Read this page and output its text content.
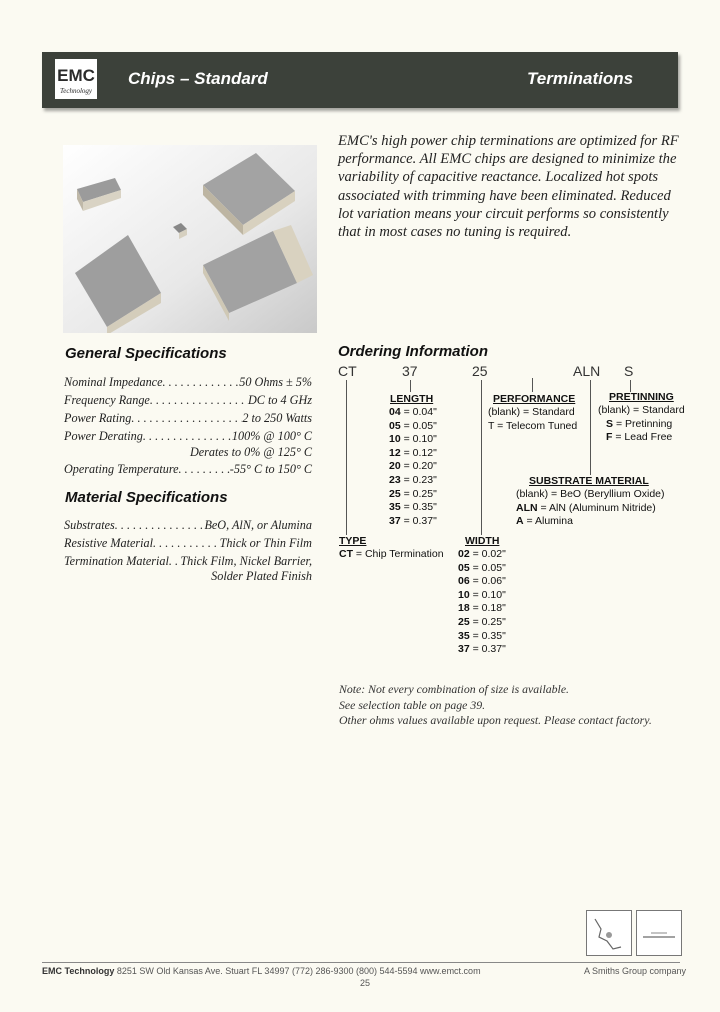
EMC
Technology
Chips – Standard	Terminations
EMC's high power chip terminations are optimized for RF performance. All EMC chips are designed to minimize the variability of capacitive reactance. Localized hot spots associated with trimming have been eliminated. Reduced lot variation means your circuit performs so consistently that in most cases no tuning is required.
General Specifications
Nominal Impedance . . .	50 Ohms ± 5%
Frequency Range . . .	DC to 4 GHz
Power Rating . . .	2 to 250 Watts
Power Derating . . .	100% @ 100° C
Derates to 0% @ 125° C
Operating Temperature . . .	-55° C to 150° C
Material Specifications
Substrates . . .	BeO, AlN, or Alumina
Resistive Material . . .	Thick or Thin Film
Termination Material . . . Thick Film, Nickel Barrier,
Solder Plated Finish
Ordering Information
CT	37	25	ALN S
LENGTH
04 = 0.04"
05 = 0.05"
10 = 0.10"
12 = 0.12"
20 = 0.20"
23 = 0.23"
25 = 0.25"
35 = 0.35"
37 = 0.37"
PERFORMANCE
(blank) = Standard
T = Telecom Tuned
PRETINNING
(blank) = Standard
S = Pretinning
F = Lead Free
SUBSTRATE MATERIAL
(blank) = BeO (Beryllium Oxide)
ALN = AlN (Aluminum Nitride)
A = Alumina
TYPE
CT = Chip Termination
WIDTH
02 = 0.02"
05 = 0.05"
06 = 0.06"
10 = 0.10"
18 = 0.18"
25 = 0.25"
35 = 0.35"
37 = 0.37"
Note: Not every combination of size is available.
See selection table on page 39.
Other ohms values available upon request. Please contact factory.
EMC Technology 8251 SW Old Kansas Ave. Stuart FL 34997 (772) 286-9300 (800) 544-5594 www.emct.com
25
A Smiths Group company
